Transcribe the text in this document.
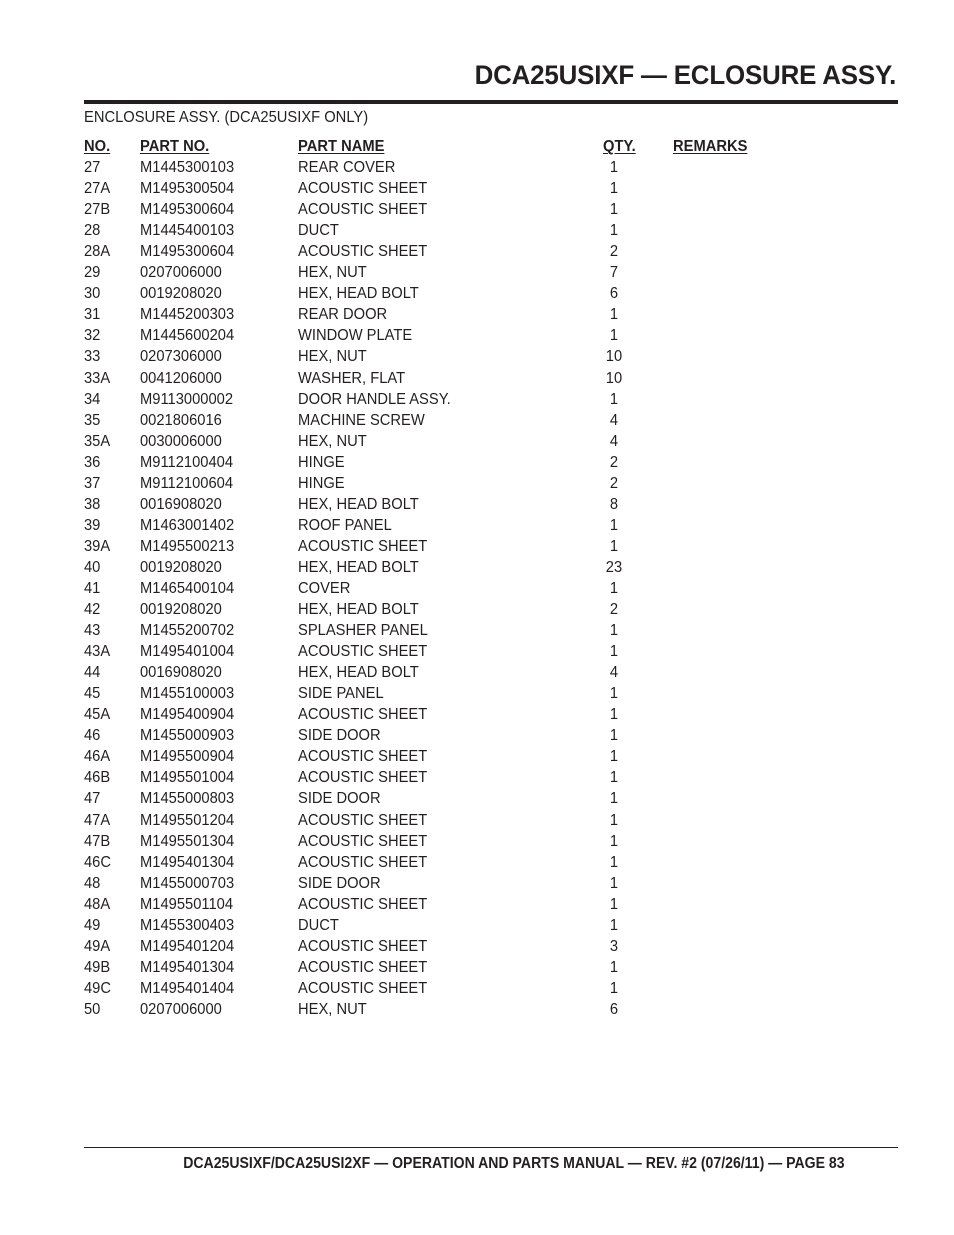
DCA25USIXF — ECLOSURE ASSY.
ENCLOSURE ASSY. (DCA25USIXF ONLY)
NO. PART NO.	PART NAME	QTY. REMARKS
27 M1445300103	REAR COVER	1
27A M1495300504	ACOUSTIC SHEET	1
27B M1495300604	ACOUSTIC SHEET	1
28 M1445400103	DUCT	1
28A M1495300604	ACOUSTIC SHEET	2
29 0207006000	HEX, NUT	7
30 0019208020	HEX, HEAD BOLT	6
31 M1445200303	REAR DOOR	1
32 M1445600204	WINDOW PLATE	1
33 0207306000	HEX, NUT	10
33A 0041206000	WASHER, FLAT	10
34 M9113000002	DOOR HANDLE ASSY.	1
35 0021806016	MACHINE SCREW	4
35A 0030006000	HEX, NUT	4
36 M9112100404	HINGE	2
37 M9112100604	HINGE	2
38 0016908020	HEX, HEAD BOLT	8
39 M1463001402	ROOF PANEL	1
39A M1495500213	ACOUSTIC SHEET	1
40 0019208020	HEX, HEAD BOLT	23
41 M1465400104	COVER	1
42 0019208020	HEX, HEAD BOLT	2
43 M1455200702	SPLASHER PANEL	1
43A M1495401004	ACOUSTIC SHEET	1
44 0016908020	HEX, HEAD BOLT	4
45 M1455100003	SIDE PANEL	1
45A M1495400904	ACOUSTIC SHEET	1
46 M1455000903	SIDE DOOR	1
46A M1495500904	ACOUSTIC SHEET	1
46B M1495501004	ACOUSTIC SHEET	1
47 M1455000803	SIDE DOOR	1
47A M1495501204	ACOUSTIC SHEET	1
47B M1495501304	ACOUSTIC SHEET	1
46C M1495401304	ACOUSTIC SHEET	1
48 M1455000703	SIDE DOOR	1
48A M1495501104	ACOUSTIC SHEET	1
49 M1455300403	DUCT	1
49A M1495401204	ACOUSTIC SHEET	3
49B M1495401304	ACOUSTIC SHEET	1
49C M1495401404	ACOUSTIC SHEET	1
50 0207006000	HEX, NUT	6
DCA25USIXF/DCA25USI2XF — OPERATION AND PARTS MANUAL — REV. #2 (07/26/11) — PAGE 83
